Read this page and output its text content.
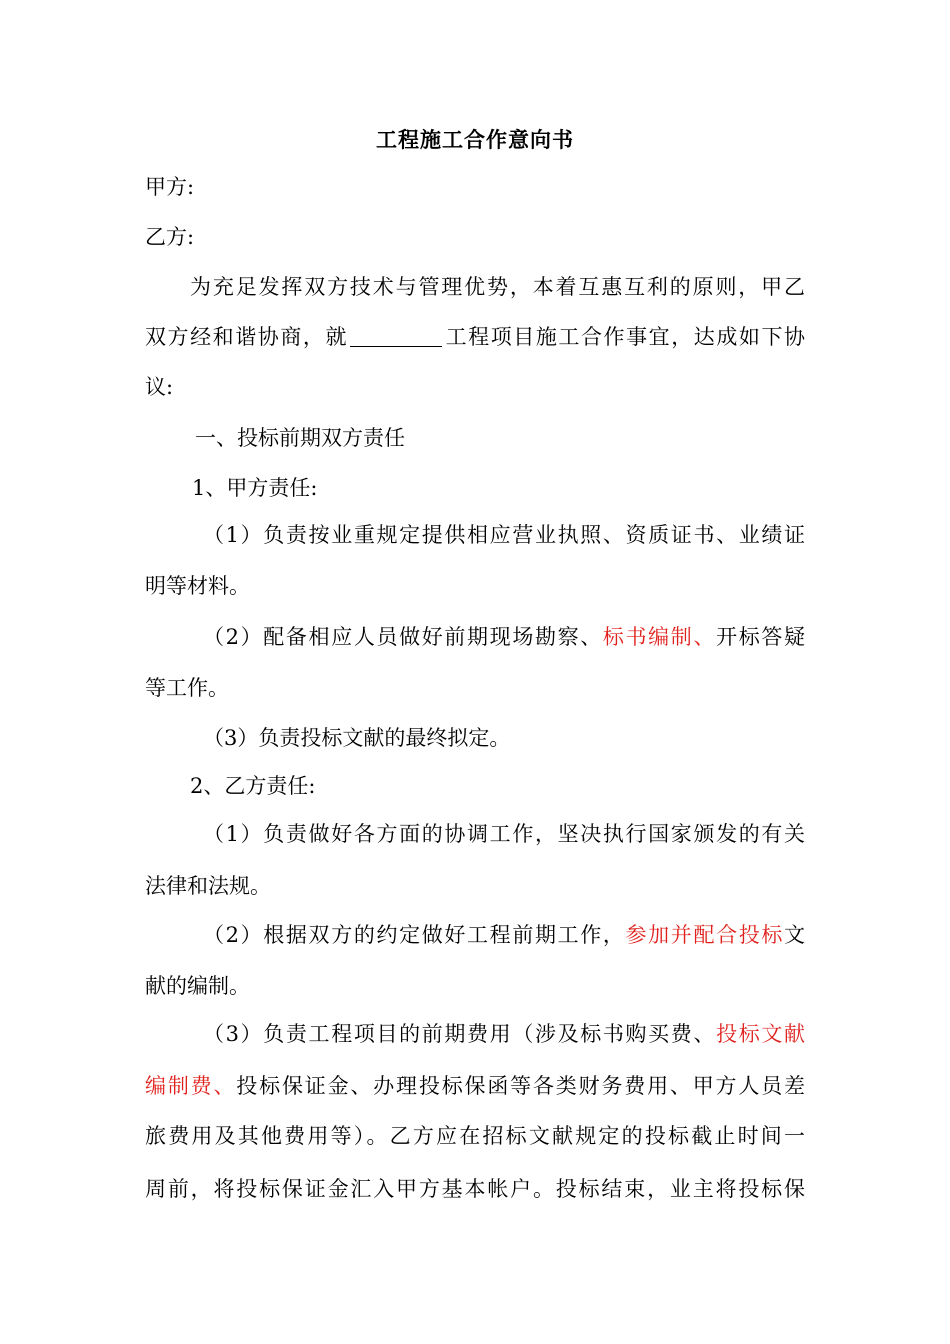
工程施工合作意向书
甲方:
乙方:
为充足发挥双方技术与管理优势，本着互惠互利的原则，甲乙
双方经和谐协商，就	工程项目施工合作事宜，达成如下协
议:
一、投标前期双方责任
1、甲方责任:
（1）负责按业重规定提供相应营业执照、资质证书、业绩证
明等材料。
（2）配备相应人员做好前期现场勘察、标书编制、开标答疑
等工作。
（3）负责投标文献的最终拟定。
2、乙方责任:
（1）负责做好各方面的协调工作，坚决执行国家颁发的有关
法律和法规。
（2）根据双方的约定做好工程前期工作，参加并配合投标文
献的编制。
（3）负责工程项目的前期费用（涉及标书购买费、投标文献
编制费、投标保证金、办理投标保函等各类财务费用、甲方人员差
旅费用及其他费用等）。乙方应在招标文献规定的投标截止时间一
周前，将投标保证金汇入甲方基本帐户。投标结束，业主将投标保
